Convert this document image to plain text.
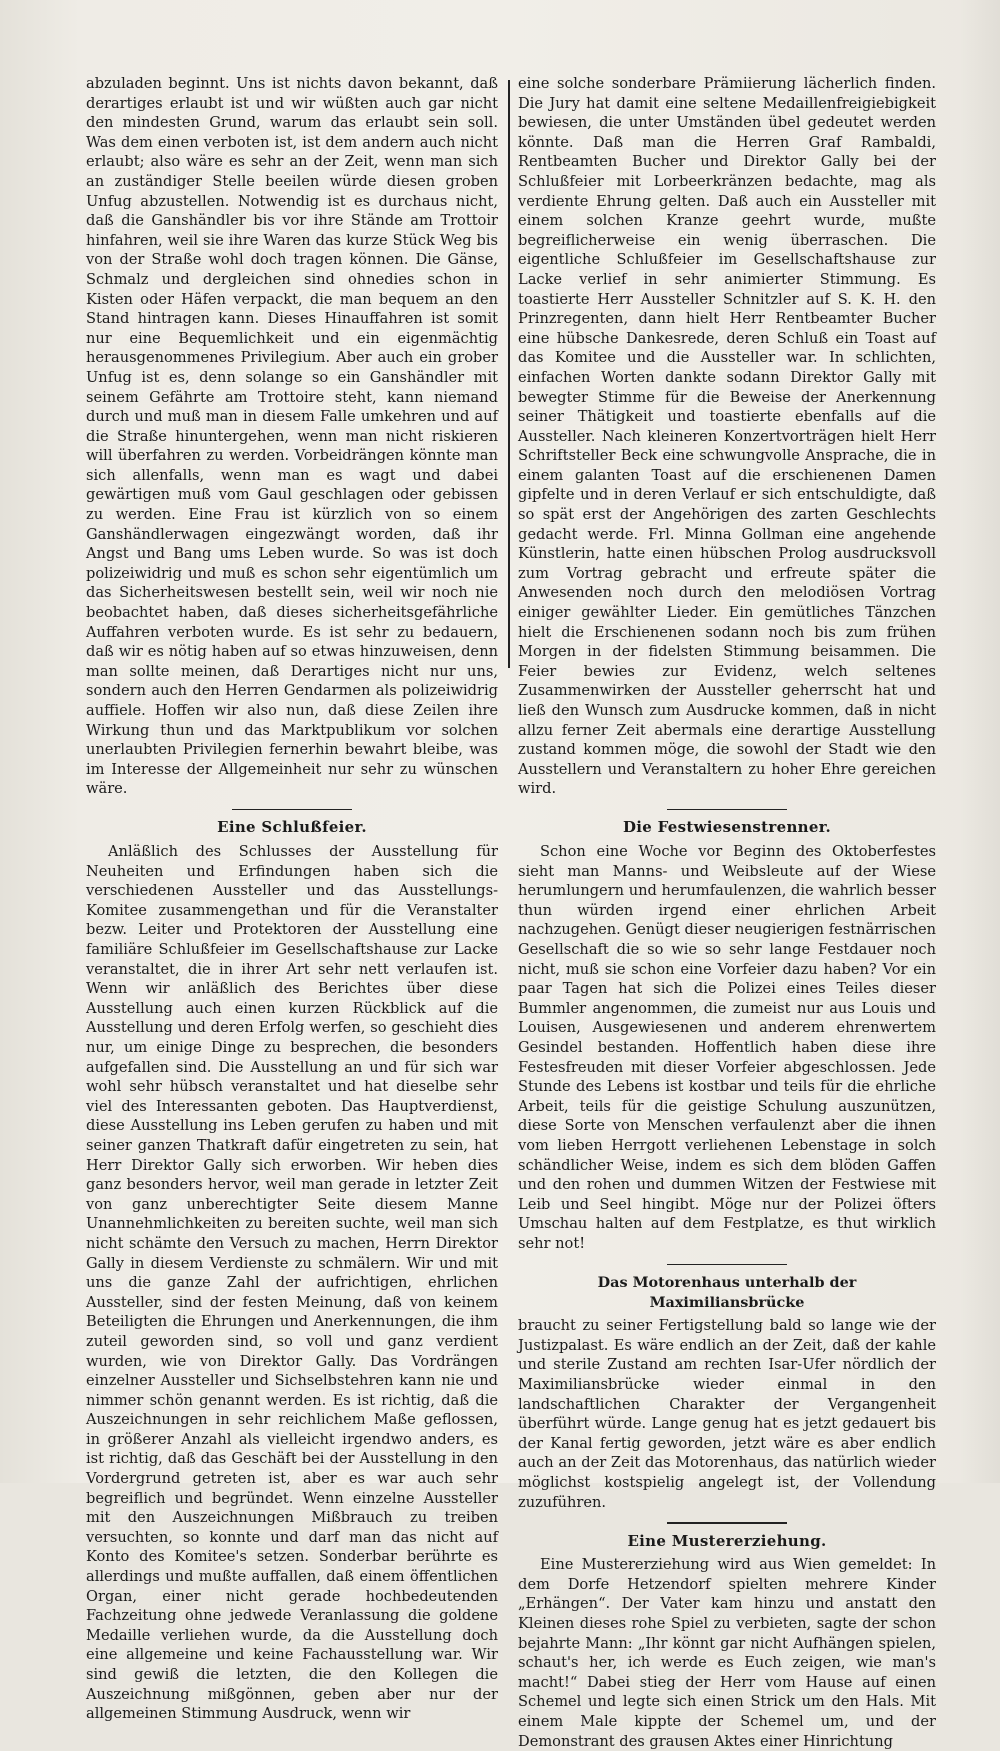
abzuladen beginnt. Uns ist nichts davon bekannt, daß derartiges erlaubt ist und wir wüßten auch gar nicht den mindesten Grund, warum das erlaubt sein soll. Was dem einen verboten ist, ist dem andern auch nicht erlaubt; also wäre es sehr an der Zeit, wenn man sich an zuständiger Stelle beeilen würde diesen groben Unfug abzustellen. Notwendig ist es durchaus nicht, daß die Ganshändler bis vor ihre Stände am Trottoir hinfahren, weil sie ihre Waren das kurze Stück Weg bis von der Straße wohl doch tragen können. Die Gänse, Schmalz und dergleichen sind ohnedies schon in Kisten oder Häfen verpackt, die man bequem an den Stand hintragen kann. Dieses Hinauffahren ist somit nur eine Bequemlichkeit und ein eigenmächtig herausgenommenes Privilegium. Aber auch ein grober Unfug ist es, denn solange so ein Ganshändler mit seinem Gefährte am Trottoire steht, kann niemand durch und muß man in diesem Falle umkehren und auf die Straße hinuntergehen, wenn man nicht riskieren will überfahren zu werden. Vorbeidrängen könnte man sich allenfalls, wenn man es wagt und dabei gewärtigen muß vom Gaul geschlagen oder gebissen zu werden. Eine Frau ist kürzlich von so einem Ganshändlerwagen eingezwängt worden, daß ihr Angst und Bang ums Leben wurde. So was ist doch polizeiwidrig und muß es schon sehr eigentümlich um das Sicherheitswesen bestellt sein, weil wir noch nie beobachtet haben, daß dieses sicherheitsgefährliche Auffahren verboten wurde. Es ist sehr zu bedauern, daß wir es nötig haben auf so etwas hinzuweisen, denn man sollte meinen, daß Derartiges nicht nur uns, sondern auch den Herren Gendarmen als polizeiwidrig auffiele. Hoffen wir also nun, daß diese Zeilen ihre Wirkung thun und das Marktpublikum vor solchen unerlaubten Privilegien fernerhin bewahrt bleibe, was im Interesse der Allgemeinheit nur sehr zu wünschen wäre.

Eine Schlußfeier.

Anläßlich des Schlusses der Ausstellung für Neuheiten und Erfindungen haben sich die verschiedenen Aussteller und das Ausstellungs-Komitee zusammengethan und für die Veranstalter bezw. Leiter und Protektoren der Ausstellung eine familiäre Schlußfeier im Gesellschaftshause zur Lacke veranstaltet, die in ihrer Art sehr nett verlaufen ist. Wenn wir anläßlich des Berichtes über diese Ausstellung auch einen kurzen Rückblick auf die Ausstellung und deren Erfolg werfen, so geschieht dies nur, um einige Dinge zu besprechen, die besonders aufgefallen sind. Die Ausstellung an und für sich war wohl sehr hübsch veranstaltet und hat dieselbe sehr viel des Interessanten geboten. Das Hauptverdienst, diese Ausstellung ins Leben gerufen zu haben und mit seiner ganzen Thatkraft dafür eingetreten zu sein, hat Herr Direktor Gally sich erworben. Wir heben dies ganz besonders hervor, weil man gerade in letzter Zeit von ganz unberechtigter Seite diesem Manne Unannehmlichkeiten zu bereiten suchte, weil man sich nicht schämte den Versuch zu machen, Herrn Direktor Gally in diesem Verdienste zu schmälern. Wir und mit uns die ganze Zahl der aufrichtigen, ehrlichen Aussteller, sind der festen Meinung, daß von keinem Beteiligten die Ehrungen und Anerkennungen, die ihm zuteil geworden sind, so voll und ganz verdient wurden, wie von Direktor Gally. Das Vordrängen einzelner Aussteller und Sichselbstehren kann nie und nimmer schön genannt werden. Es ist richtig, daß die Auszeichnungen in sehr reichlichem Maße geflossen, in größerer Anzahl als vielleicht irgendwo anders, es ist richtig, daß das Geschäft bei der Ausstellung in den Vordergrund getreten ist, aber es war auch sehr begreiflich und begründet. Wenn einzelne Aussteller mit den Auszeichnungen Mißbrauch zu treiben versuchten, so konnte und darf man das nicht auf Konto des Komitee's setzen. Sonderbar berührte es allerdings und mußte auffallen, daß einem öffentlichen Organ, einer nicht gerade hochbedeutenden Fachzeitung ohne jedwede Veranlassung die goldene Medaille verliehen wurde, da die Ausstellung doch eine allgemeine und keine Fachausstellung war. Wir sind gewiß die letzten, die den Kollegen die Auszeichnung mißgönnen, geben aber nur der allgemeinen Stimmung Ausdruck, wenn wir

eine solche sonderbare Prämiierung lächerlich finden. Die Jury hat damit eine seltene Medaillenfreigiebigkeit bewiesen, die unter Umständen übel gedeutet werden könnte. Daß man die Herren Graf Rambaldi, Rentbeamten Bucher und Direktor Gally bei der Schlußfeier mit Lorbeerkränzen bedachte, mag als verdiente Ehrung gelten. Daß auch ein Aussteller mit einem solchen Kranze geehrt wurde, mußte begreiflicherweise ein wenig überraschen. Die eigentliche Schlußfeier im Gesellschaftshause zur Lacke verlief in sehr animierter Stimmung. Es toastierte Herr Aussteller Schnitzler auf S. K. H. den Prinzregenten, dann hielt Herr Rentbeamter Bucher eine hübsche Dankesrede, deren Schluß ein Toast auf das Komitee und die Aussteller war. In schlichten, einfachen Worten dankte sodann Direktor Gally mit bewegter Stimme für die Beweise der Anerkennung seiner Thätigkeit und toastierte ebenfalls auf die Aussteller. Nach kleineren Konzertvorträgen hielt Herr Schriftsteller Beck eine schwungvolle Ansprache, die in einem galanten Toast auf die erschienenen Damen gipfelte und in deren Verlauf er sich entschuldigte, daß so spät erst der Angehörigen des zarten Geschlechts gedacht werde. Frl. Minna Gollman eine angehende Künstlerin, hatte einen hübschen Prolog ausdrucksvoll zum Vortrag gebracht und erfreute später die Anwesenden noch durch den melodiösen Vortrag einiger gewählter Lieder. Ein gemütliches Tänzchen hielt die Erschienenen sodann noch bis zum frühen Morgen in der fidelsten Stimmung beisammen. Die Feier bewies zur Evidenz, welch seltenes Zusammenwirken der Aussteller geherrscht hat und ließ den Wunsch zum Ausdrucke kommen, daß in nicht allzu ferner Zeit abermals eine derartige Ausstellung zustand kommen möge, die sowohl der Stadt wie den Ausstellern und Veranstaltern zu hoher Ehre gereichen wird.

Die Festwiesenstrenner.

Schon eine Woche vor Beginn des Oktoberfestes sieht man Manns- und Weibsleute auf der Wiese herumlungern und herumfaulenzen, die wahrlich besser thun würden irgend einer ehrlichen Arbeit nachzugehen. Genügt dieser neugierigen festnärrischen Gesellschaft die so wie so sehr lange Festdauer noch nicht, muß sie schon eine Vorfeier dazu haben? Vor ein paar Tagen hat sich die Polizei eines Teiles dieser Bummler angenommen, die zumeist nur aus Louis und Louisen, Ausgewiesenen und anderem ehrenwertem Gesindel bestanden. Hoffentlich haben diese ihre Festesfreuden mit dieser Vorfeier abgeschlossen. Jede Stunde des Lebens ist kostbar und teils für die ehrliche Arbeit, teils für die geistige Schulung auszunützen, diese Sorte von Menschen verfaulenzt aber die ihnen vom lieben Herrgott verliehenen Lebenstage in solch schändlicher Weise, indem es sich dem blöden Gaffen und den rohen und dummen Witzen der Festwiese mit Leib und Seel hingibt. Möge nur der Polizei öfters Umschau halten auf dem Festplatze, es thut wirklich sehr not!

Das Motorenhaus unterhalb der Maximiliansbrücke

braucht zu seiner Fertigstellung bald so lange wie der Justizpalast. Es wäre endlich an der Zeit, daß der kahle und sterile Zustand am rechten Isar-Ufer nördlich der Maximiliansbrücke wieder einmal in den landschaftlichen Charakter der Vergangenheit überführt würde. Lange genug hat es jetzt gedauert bis der Kanal fertig geworden, jetzt wäre es aber endlich auch an der Zeit das Motorenhaus, das natürlich wieder möglichst kostspielig angelegt ist, der Vollendung zuzuführen.

Eine Mustererziehung.

Eine Mustererziehung wird aus Wien gemeldet: In dem Dorfe Hetzendorf spielten mehrere Kinder „Erhängen“. Der Vater kam hinzu und anstatt den Kleinen dieses rohe Spiel zu verbieten, sagte der schon bejahrte Mann: „Ihr könnt gar nicht Aufhängen spielen, schaut's her, ich werde es Euch zeigen, wie man's macht!“ Dabei stieg der Herr vom Hause auf einen Schemel und legte sich einen Strick um den Hals. Mit einem Male kippte der Schemel um, und der Demonstrant des grausen Aktes einer Hinrichtung
